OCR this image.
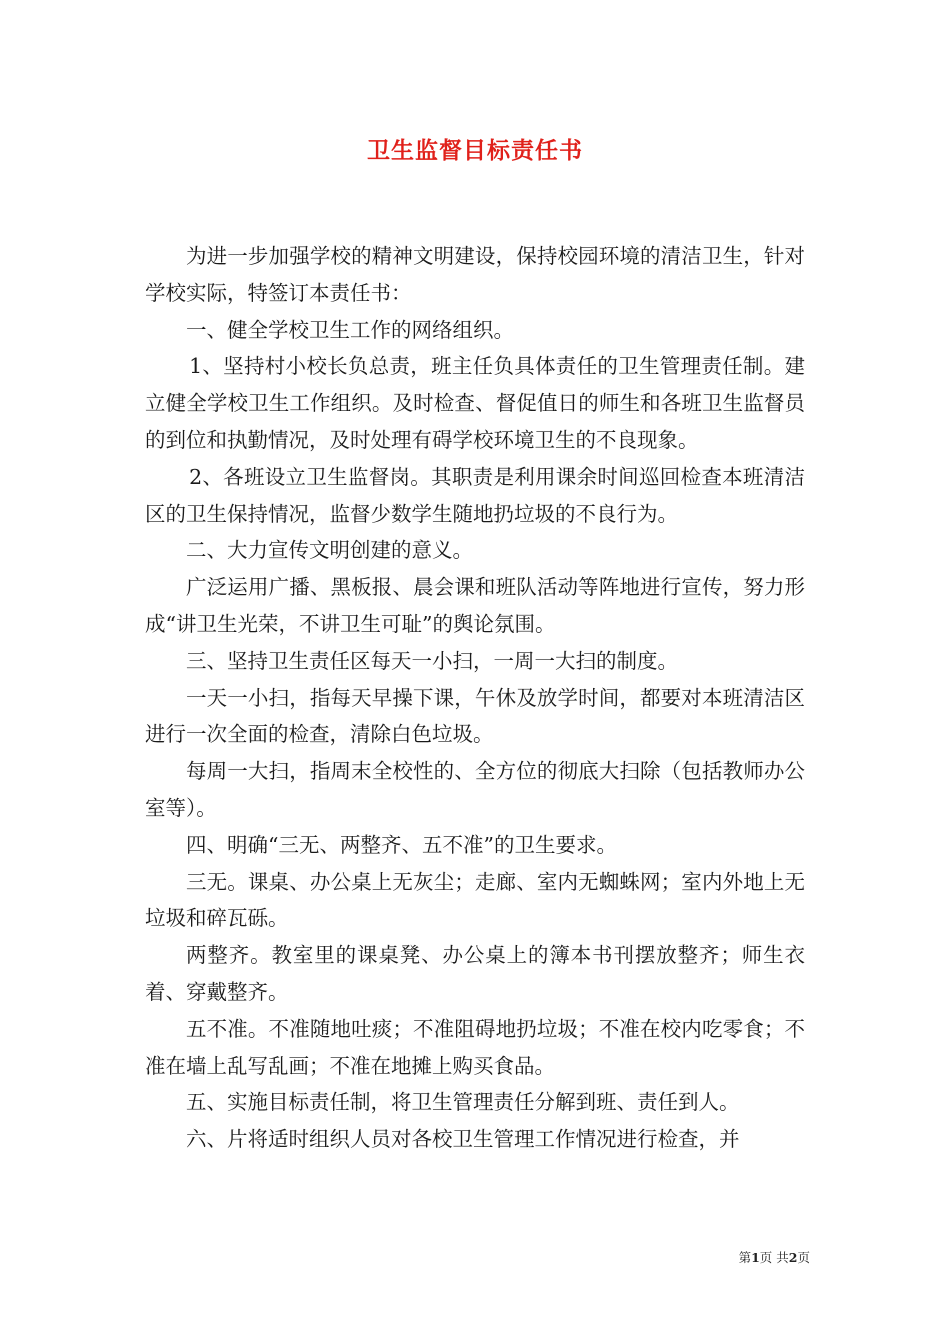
卫生监督目标责任书

为进一步加强学校的精神文明建设，保持校园环境的清洁卫生，针对学校实际，特签订本责任书：

一、健全学校卫生工作的网络组织。

1、坚持村小校长负总责，班主任负具体责任的卫生管理责任制。建立健全学校卫生工作组织。及时检查、督促值日的师生和各班卫生监督员的到位和执勤情况，及时处理有碍学校环境卫生的不良现象。

2、各班设立卫生监督岗。其职责是利用课余时间巡回检查本班清洁区的卫生保持情况，监督少数学生随地扔垃圾的不良行为。

二、大力宣传文明创建的意义。

广泛运用广播、黑板报、晨会课和班队活动等阵地进行宣传，努力形成“讲卫生光荣，不讲卫生可耻”的舆论氛围。

三、坚持卫生责任区每天一小扫，一周一大扫的制度。

一天一小扫，指每天早操下课，午休及放学时间，都要对本班清洁区进行一次全面的检查，清除白色垃圾。

每周一大扫，指周末全校性的、全方位的彻底大扫除（包括教师办公室等）。

四、明确“三无、两整齐、五不准”的卫生要求。

三无。课桌、办公桌上无灰尘；走廊、室内无蜘蛛网；室内外地上无垃圾和碎瓦砾。

两整齐。教室里的课桌凳、办公桌上的簿本书刊摆放整齐；师生衣着、穿戴整齐。

五不准。不准随地吐痰；不准阻碍地扔垃圾；不准在校内吃零食；不准在墙上乱写乱画；不准在地摊上购买食品。

五、实施目标责任制，将卫生管理责任分解到班、责任到人。

六、片将适时组织人员对各校卫生管理工作情况进行检查，并

第1页 共2页
